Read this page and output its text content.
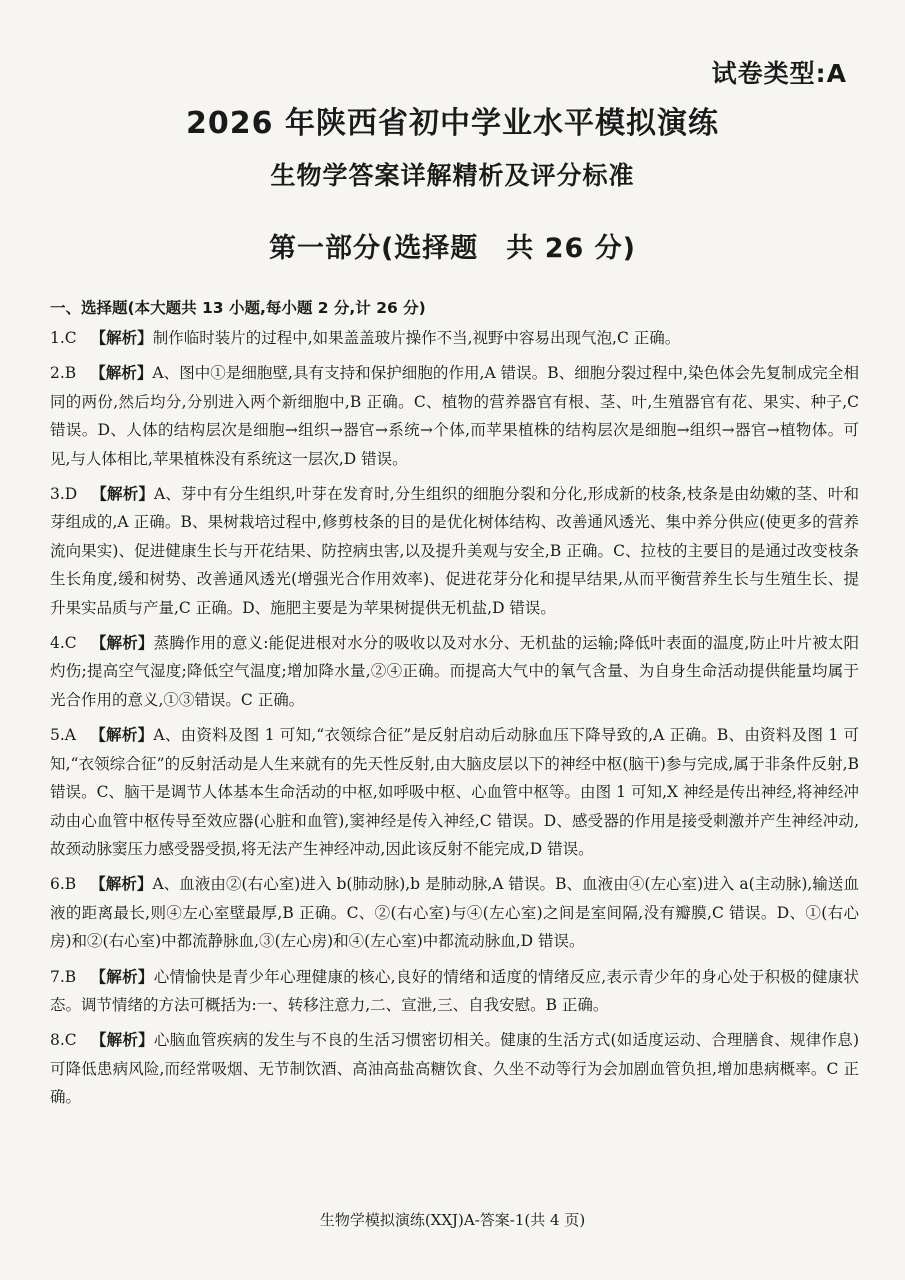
试卷类型:A
2026 年陕西省初中学业水平模拟演练
生物学答案详解精析及评分标准
第一部分(选择题　共 26 分)
一、选择题(本大题共 13 小题,每小题 2 分,计 26 分)
1.C 【解析】制作临时装片的过程中,如果盖盖玻片操作不当,视野中容易出现气泡,C 正确。
2.B 【解析】A、图中①是细胞壁,具有支持和保护细胞的作用,A 错误。B、细胞分裂过程中,染色体会先复制成完全相同的两份,然后均分,分别进入两个新细胞中,B 正确。C、植物的营养器官有根、茎、叶,生殖器官有花、果实、种子,C 错误。D、人体的结构层次是细胞→组织→器官→系统→个体,而苹果植株的结构层次是细胞→组织→器官→植物体。可见,与人体相比,苹果植株没有系统这一层次,D 错误。
3.D 【解析】A、芽中有分生组织,叶芽在发育时,分生组织的细胞分裂和分化,形成新的枝条,枝条是由幼嫩的茎、叶和芽组成的,A 正确。B、果树栽培过程中,修剪枝条的目的是优化树体结构、改善通风透光、集中养分供应(使更多的营养流向果实)、促进健康生长与开花结果、防控病虫害,以及提升美观与安全,B 正确。C、拉枝的主要目的是通过改变枝条生长角度,缓和树势、改善通风透光(增强光合作用效率)、促进花芽分化和提早结果,从而平衡营养生长与生殖生长、提升果实品质与产量,C 正确。D、施肥主要是为苹果树提供无机盐,D 错误。
4.C 【解析】蒸腾作用的意义:能促进根对水分的吸收以及对水分、无机盐的运输;降低叶表面的温度,防止叶片被太阳灼伤;提高空气湿度;降低空气温度;增加降水量,②④正确。而提高大气中的氧气含量、为自身生命活动提供能量均属于光合作用的意义,①③错误。C 正确。
5.A 【解析】A、由资料及图 1 可知,“衣领综合征”是反射启动后动脉血压下降导致的,A 正确。B、由资料及图 1 可知,“衣领综合征”的反射活动是人生来就有的先天性反射,由大脑皮层以下的神经中枢(脑干)参与完成,属于非条件反射,B 错误。C、脑干是调节人体基本生命活动的中枢,如呼吸中枢、心血管中枢等。由图 1 可知,X 神经是传出神经,将神经冲动由心血管中枢传导至效应器(心脏和血管),窦神经是传入神经,C 错误。D、感受器的作用是接受刺激并产生神经冲动,故颈动脉窦压力感受器受损,将无法产生神经冲动,因此该反射不能完成,D 错误。
6.B 【解析】A、血液由②(右心室)进入 b(肺动脉),b 是肺动脉,A 错误。B、血液由④(左心室)进入 a(主动脉),输送血液的距离最长,则④左心室壁最厚,B 正确。C、②(右心室)与④(左心室)之间是室间隔,没有瓣膜,C 错误。D、①(右心房)和②(右心室)中都流静脉血,③(左心房)和④(左心室)中都流动脉血,D 错误。
7.B 【解析】心情愉快是青少年心理健康的核心,良好的情绪和适度的情绪反应,表示青少年的身心处于积极的健康状态。调节情绪的方法可概括为:一、转移注意力,二、宣泄,三、自我安慰。B 正确。
8.C 【解析】心脑血管疾病的发生与不良的生活习惯密切相关。健康的生活方式(如适度运动、合理膳食、规律作息)可降低患病风险,而经常吸烟、无节制饮酒、高油高盐高糖饮食、久坐不动等行为会加剧血管负担,增加患病概率。C 正确。
生物学模拟演练(XXJ)A-答案-1(共 4 页)
